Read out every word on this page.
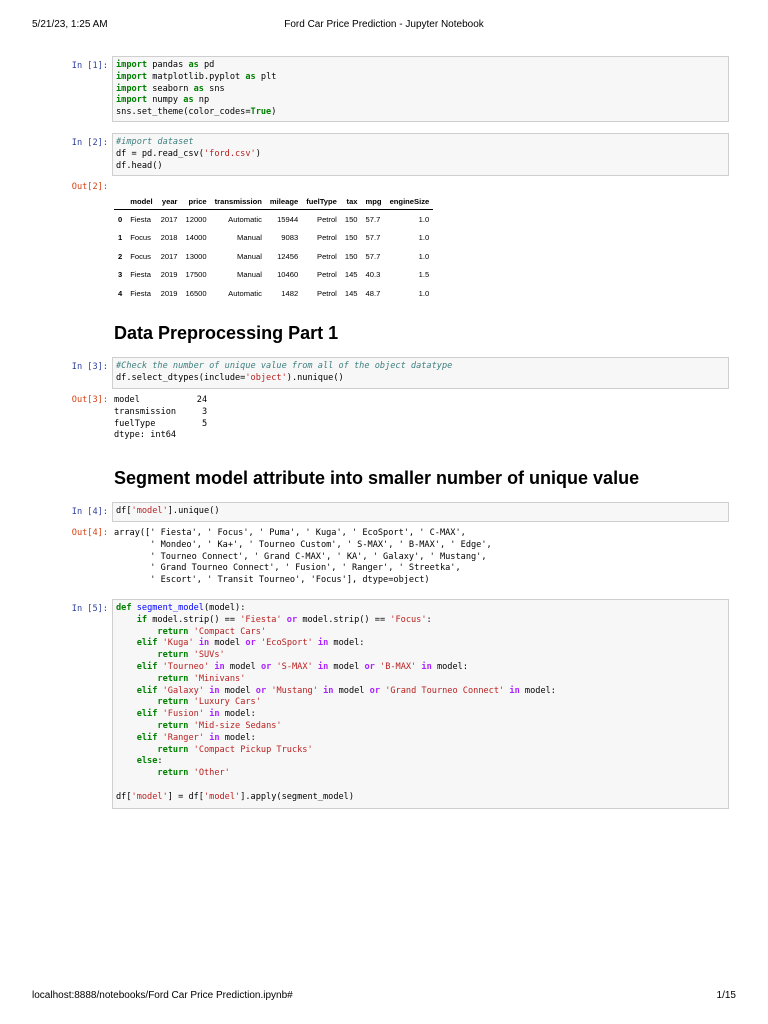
5/21/23, 1:25 AM	Ford Car Price Prediction - Jupyter Notebook
In [1]: import pandas as pd
import matplotlib.pyplot as plt
import seaborn as sns
import numpy as np
sns.set_theme(color_codes=True)
In [2]: #import dataset
df = pd.read_csv('ford.csv')
df.head()
Out[2]:
	model	year	price	transmission	mileage	fuelType	tax	mpg	engineSize
0	Fiesta	2017	12000	Automatic	15944	Petrol	150	57.7	1.0
1	Focus	2018	14000	Manual	9083	Petrol	150	57.7	1.0
2	Focus	2017	13000	Manual	12456	Petrol	150	57.7	1.0
3	Fiesta	2019	17500	Manual	10460	Petrol	145	40.3	1.5
4	Fiesta	2019	16500	Automatic	1482	Petrol	145	48.7	1.0
Data Preprocessing Part 1
In [3]: #Check the number of unique value from all of the object datatype
df.select_dtypes(include='object').nunique()
Out[3]: model           24
transmission     3
fuelType         5
dtype: int64
Segment model attribute into smaller number of unique value
In [4]: df['model'].unique()
Out[4]: array([' Fiesta', ' Focus', ' Puma', ' Kuga', ' EcoSport', ' C-MAX',
' Mondeo', ' Ka+', ' Tourneo Custom', ' S-MAX', ' B-MAX', ' Edge',
' Tourneo Connect', ' Grand C-MAX', ' KA', ' Galaxy', ' Mustang',
' Grand Tourneo Connect', ' Fusion', ' Ranger', ' Streetka',
' Escort', ' Transit Tourneo', 'Focus'], dtype=object)
In [5]: def segment_model(model):
if model.strip() == 'Fiesta' or model.strip() == 'Focus':
return 'Compact Cars'
elif 'Kuga' in model or 'EcoSport' in model:
return 'SUVs'
elif 'Tourneo' in model or 'S-MAX' in model or 'B-MAX' in model:
return 'Minivans'
elif 'Galaxy' in model or 'Mustang' in model or 'Grand Tourneo Connect' in model:
return 'Luxury Cars'
elif 'Fusion' in model:
return 'Mid-size Sedans'
elif 'Ranger' in model:
return 'Compact Pickup Trucks'
else:
return 'Other'

df['model'] = df['model'].apply(segment_model)
localhost:8888/notebooks/Ford Car Price Prediction.ipynb#	1/15
